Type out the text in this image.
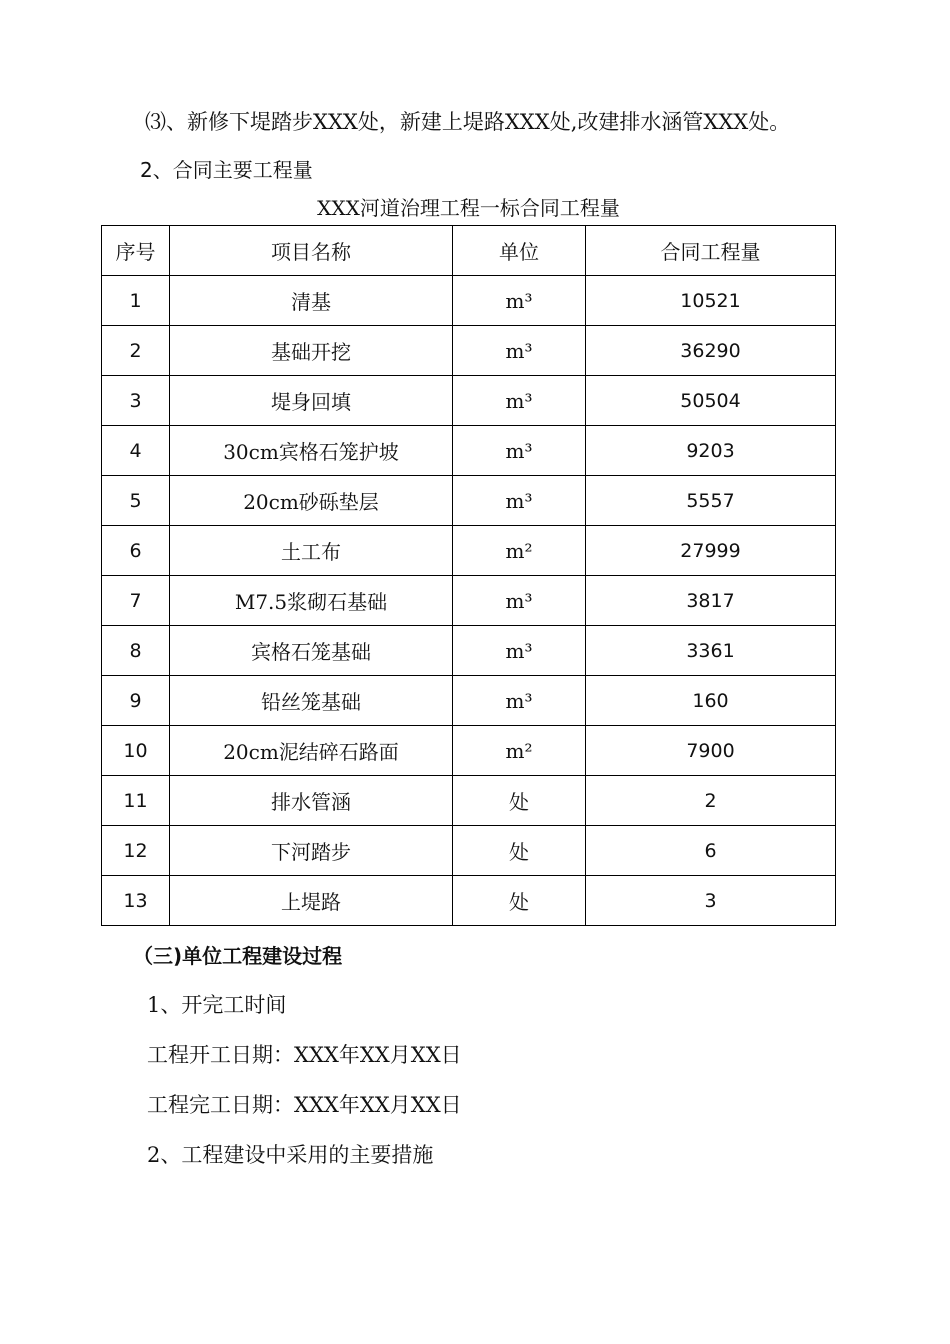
⑶、新修下堤踏步XXX处，新建上堤路XXX处,改建排水涵管XXX处。
2、合同主要工程量
XXX河道治理工程一标合同工程量
序号	项目名称	单位	合同工程量
1	清基	m³	10521
2	基础开挖	m³	36290
3	堤身回填	m³	50504
4	30cm宾格石笼护坡	m³	9203
5	20cm砂砾垫层	m³	5557
6	土工布	m²	27999
7	M7.5浆砌石基础	m³	3817
8	宾格石笼基础	m³	3361
9	铅丝笼基础	m³	160
10	20cm泥结碎石路面	m²	7900
11	排水管涵	处	2
12	下河踏步	处	6
13	上堤路	处	3
（三)单位工程建设过程
1、开完工时间
工程开工日期：XXX年XX月XX日
工程完工日期：XXX年XX月XX日
2、工程建设中采用的主要措施
